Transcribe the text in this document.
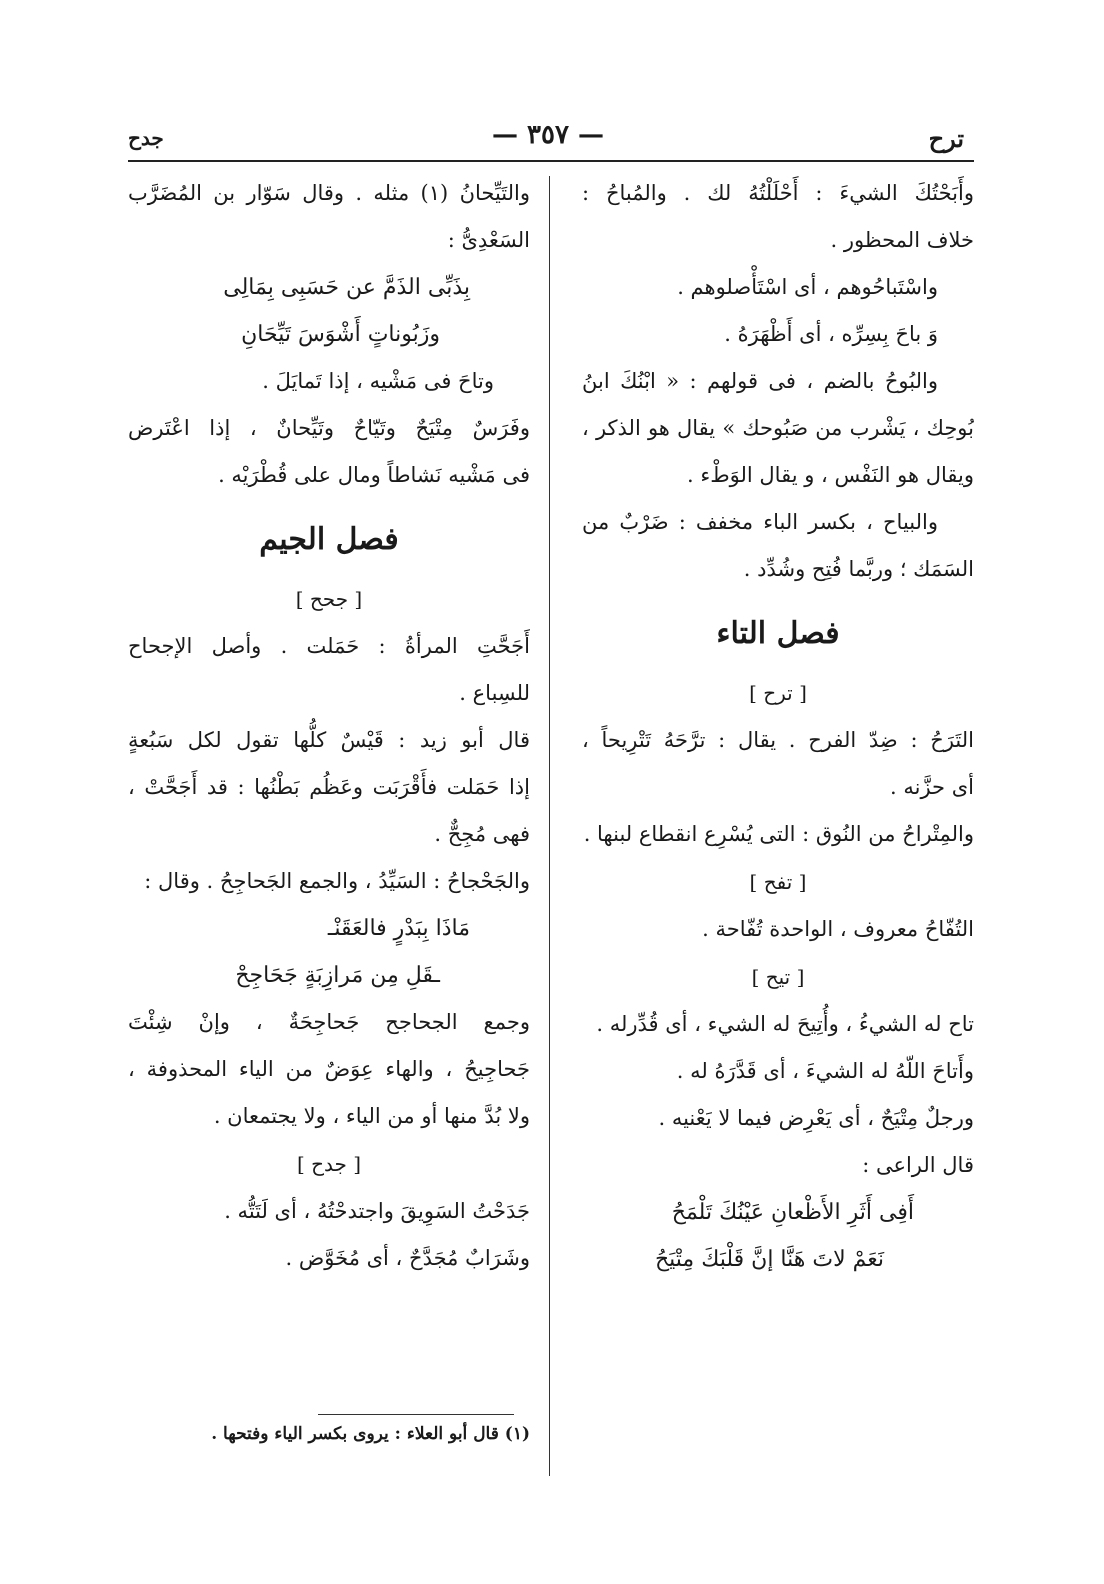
ترح
— ٣٥٧ —
جدح
وأَبَحْتُكَ الشيءَ : أَحْلَلْتُهُ لك . والمُباحُ :
خلاف المحظور .
واسْتَباحُوهم ، أى اسْتَأْصلوهم .
وَ باحَ بِسِرِّه ، أى أَظْهَرَهُ .
والبُوحُ بالضم ، فى قولهم : « ابْنُكَ ابنُ
بُوحِك ، يَشْرب من صَبُوحك » يقال هو الذكر ،
ويقال هو النَفْس ، و يقال الوَطْء .
والبياح ، بكسر الباء مخفف : ضَرْبٌ من
السَمَك ؛ وربَّما فُتِح وشُدِّد .
فصل التاء
[ ترح ]
التَرَحُ : ضِدّ الفرح . يقال : ترَّحَهُ تَتْرِيحاً ،
أى حزَّنه .
والمِتْراحُ من النُوق : التى يُسْرِع انقطاع لبنها .
[ تفح ]
التُفّاحُ معروف ، الواحدة تُفّاحة .
[ تيح ]
تاح له الشيءُ ، وأُتِيحَ له الشيء ، أى قُدِّرله .
وأَتاحَ اللّهُ له الشيءَ ، أى قَدَّرَهُ له .
ورجلٌ مِتْيَحٌ ، أى يَعْرِض فيما لا يَعْنيه .
قال الراعى :
أَفِى أَثَرِ الأَظْعانِ عَيْنُكَ تَلْمَحُ
نَعَمْ لاتَ هَنَّا إنَّ قَلْبَكَ مِتْيَحُ
والتَيِّحانُ (١) مثله . وقال سَوّار بن المُضَرَّب
السَعْدِىُّ :
بِذَبِّى الذَمَّ عن حَسَبِى بِمَالِى
وزَبُوناتٍ أَشْوَسَ تَيِّحَانِ
وتاحَ فى مَشْيه ، إذا تَمايَلَ .
وفَرَسٌ مِتْيَحٌ وتَيّاحٌ وتَيِّحانٌ ، إذا اعْتَرض
فى مَشْيه نَشاطاً ومال على قُطْرَيْه .
فصل الجيم
[ جحح ]
أَجَحَّتِ المرأةُ : حَمَلت . وأصل الإجحاح
للسِباع .
قال أبو زيد : قَيْسٌ كلُّها تقول لكل سَبُعةٍ
إذا حَمَلت فأَقْرَبَت وعَظُم بَطْنُها : قد أَجَحَّتْ ،
فهى مُجِحٌّ .
والجَحْجاحُ : السَيِّدُ ، والجمع الجَحاجِحُ . وقال :
مَاذَا بِبَدْرٍ فالعَقَنْـ
ـقَلِ مِن مَرازِبَةٍ جَحَاجِحْ
وجمع الجحاجح جَحاجِحَةٌ ، وإنْ شِئْتَ
جَحاجِيحُ ، والهاء عِوَضٌ من الياء المحذوفة ،
ولا بُدَّ منها أو من الياء ، ولا يجتمعان .
[ جدح ]
جَدَحْتُ السَوِيقَ واجتدحْتُهُ ، أى لَتَتُّه .
وشَرَابٌ مُجَدَّحٌ ، أى مُخَوَّض .
(١) قال أبو العلاء : يروى بكسر الياء وفتحها .
